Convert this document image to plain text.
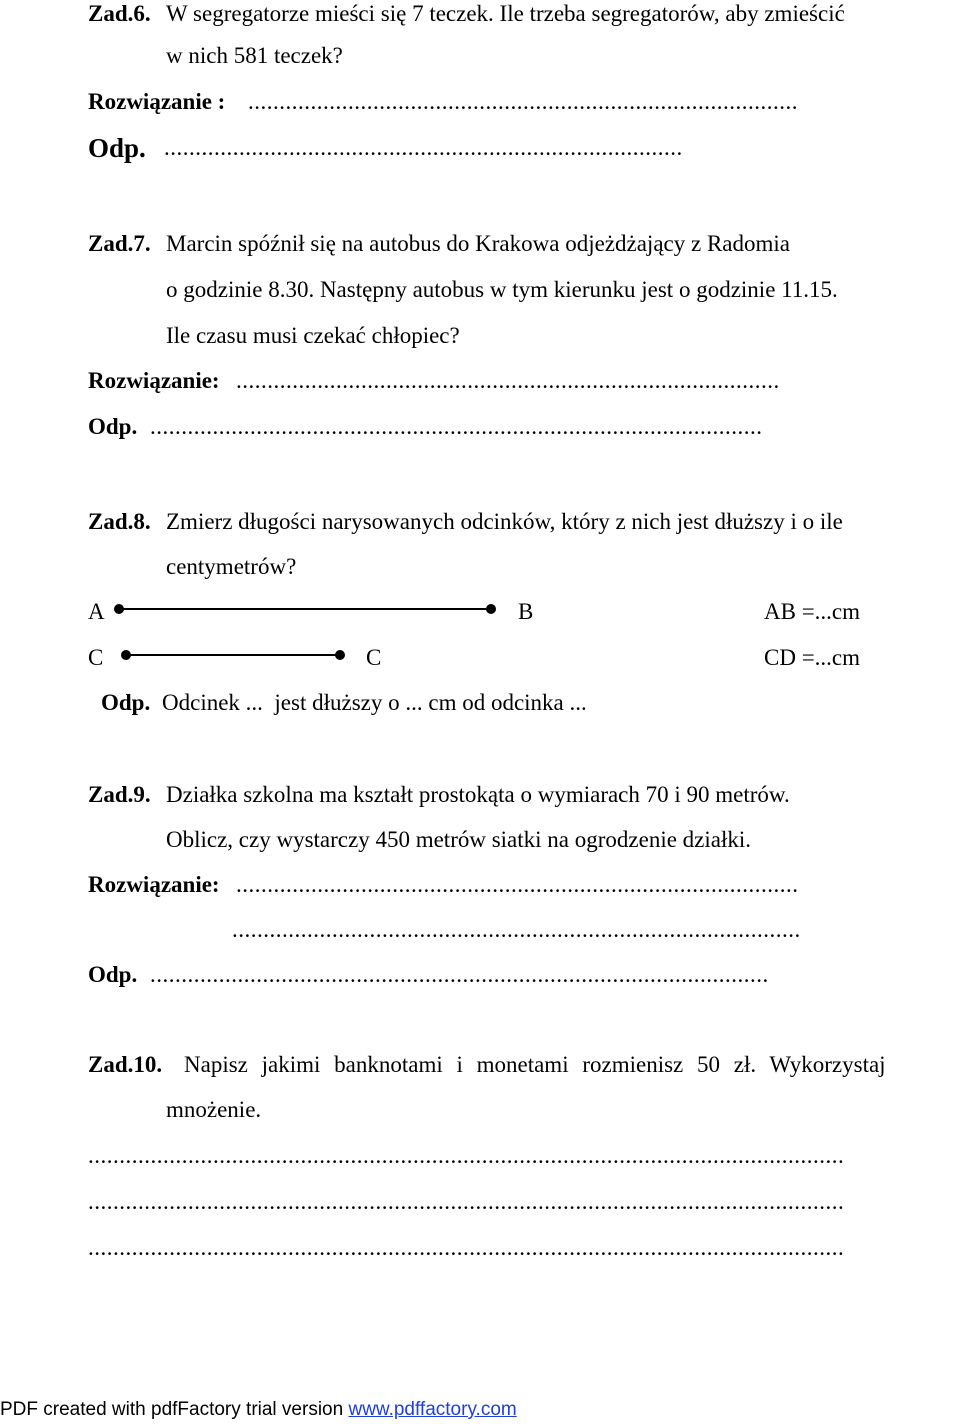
Zad.6. W segregatorze mieści się 7 teczek. Ile trzeba segregatorów, aby zmieścić
w nich 581 teczek?
Rozwiązanie : ........................................................................................
Odp. ...................................................................................
Zad.7. Marcin spóźnił się na autobus do Krakowa odjeżdżający z Radomia
o godzinie 8.30. Następny autobus w tym kierunku jest o godzinie 11.15.
Ile czasu musi czekać chłopiec?
Rozwiązanie: .......................................................................................
Odp. ..................................................................................................
Zad.8. Zmierz długości narysowanych odcinków, który z nich jest dłuższy i o ile
centymetrów?
A	B	AB =...cm
C	C	CD =...cm
Odp. Odcinek ...  jest dłuższy o ... cm od odcinka ...
Zad.9. Działka szkolna ma kształt prostokąta o wymiarach 70 i 90 metrów.
Oblicz, czy wystarczy 450 metrów siatki na ogrodzenie działki.
Rozwiązanie: ..........................................................................................
...........................................................................................
Odp. ...................................................................................................
Zad.10. Napisz jakimi banknotami i monetami rozmienisz 50 zł. Wykorzystaj
mnożenie.
.........................................................................................................................
.........................................................................................................................
.........................................................................................................................
PDF created with pdfFactory trial version www.pdffactory.com
